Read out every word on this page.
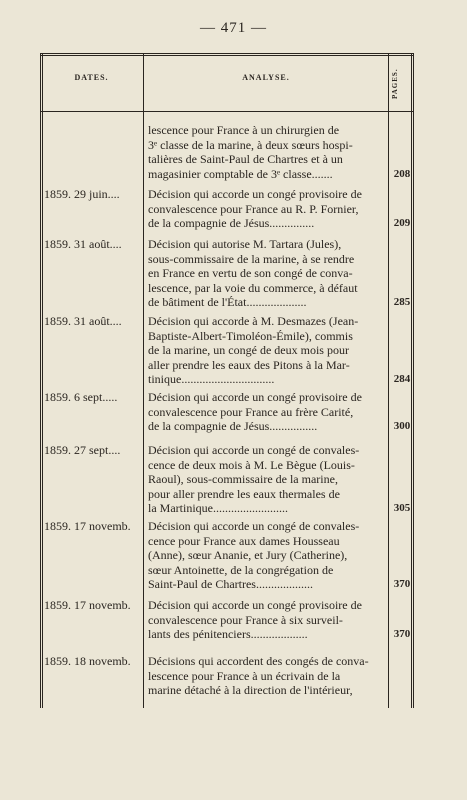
— 471 —
DATES.	ANALYSE.	PAGES.
lescence pour France à un chirurgien de
3ᵉ classe de la marine, à deux sœurs hospi-
talières de Saint-Paul de Chartres et à un
magasinier comptable de 3ᵉ classe.......	208
1859. 29 juin....	Décision qui accorde un congé provisoire de
convalescence pour France au R. P. Fornier,
de la compagnie de Jésus...............	209
1859. 31 août....	Décision qui autorise M. Tartara (Jules),
sous-commissaire de la marine, à se rendre
en France en vertu de son congé de conva-
lescence, par la voie du commerce, à défaut
de bâtiment de l'État....................	285
1859. 31 août....	Décision qui accorde à M. Desmazes (Jean-
Baptiste-Albert-Timoléon-Émile), commis
de la marine, un congé de deux mois pour
aller prendre les eaux des Pitons à la Mar-
tinique...............................	284
1859. 6 sept.....	Décision qui accorde un congé provisoire de
convalescence pour France au frère Carité,
de la compagnie de Jésus................	300
1859. 27 sept....	Décision qui accorde un congé de convales-
cence de deux mois à M. Le Bègue (Louis-
Raoul), sous-commissaire de la marine,
pour aller prendre les eaux thermales de
la Martinique.........................	305
1859. 17 novemb.	Décision qui accorde un congé de convales-
cence pour France aux dames Housseau
(Anne), sœur Ananie, et Jury (Catherine),
sœur Antoinette, de la congrégation de
Saint-Paul de Chartres...................	370
1859. 17 novemb.	Décision qui accorde un congé provisoire de
convalescence pour France à six surveil-
lants des pénitenciers...................	370
1859. 18 novemb.	Décisions qui accordent des congés de conva-
lescence pour France à un écrivain de la
marine détaché à la direction de l'intérieur,
